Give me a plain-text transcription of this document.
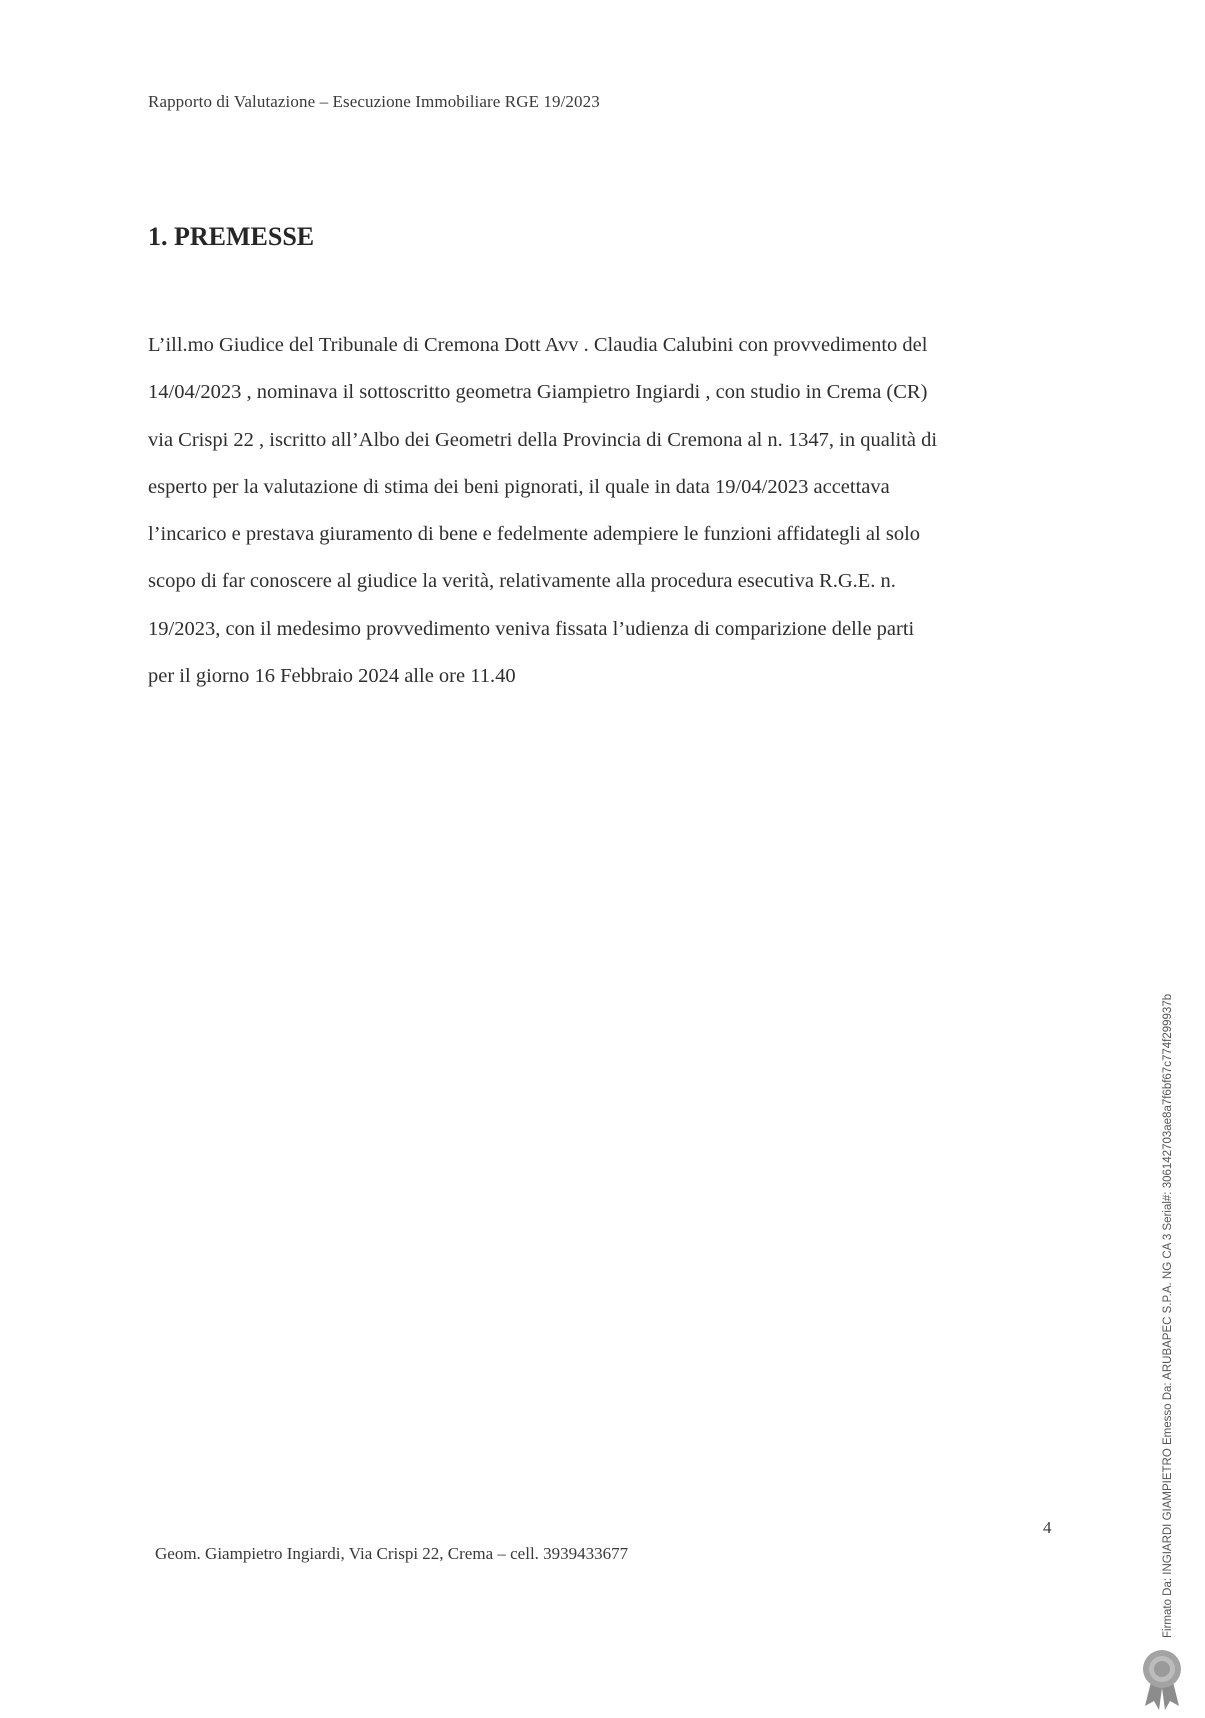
Rapporto di Valutazione – Esecuzione Immobiliare RGE 19/2023
1. PREMESSE
L’ill.mo Giudice del Tribunale di Cremona Dott Avv . Claudia Calubini con provvedimento del
14/04/2023 , nominava il sottoscritto geometra Giampietro Ingiardi , con studio in Crema (CR)
via Crispi 22 , iscritto all’Albo dei Geometri della Provincia di Cremona al n. 1347, in qualità di
esperto per la valutazione di stima dei beni pignorati, il quale in data 19/04/2023 accettava
l’incarico e prestava giuramento di bene e fedelmente adempiere le funzioni affidategli al solo
scopo di far conoscere al giudice la verità, relativamente alla procedura esecutiva R.G.E. n.
19/2023, con il medesimo provvedimento veniva fissata l’udienza di comparizione delle parti
per il giorno 16 Febbraio 2024 alle ore 11.40
4
Geom. Giampietro Ingiardi, Via Crispi 22, Crema – cell. 3939433677	Firmato Da: INGIARDI GIAMPIETRO Emesso Da: ARUBAPEC S.P.A. NG CA 3 Serial#: 306142703ae8a7f6bf67c774f299937b
